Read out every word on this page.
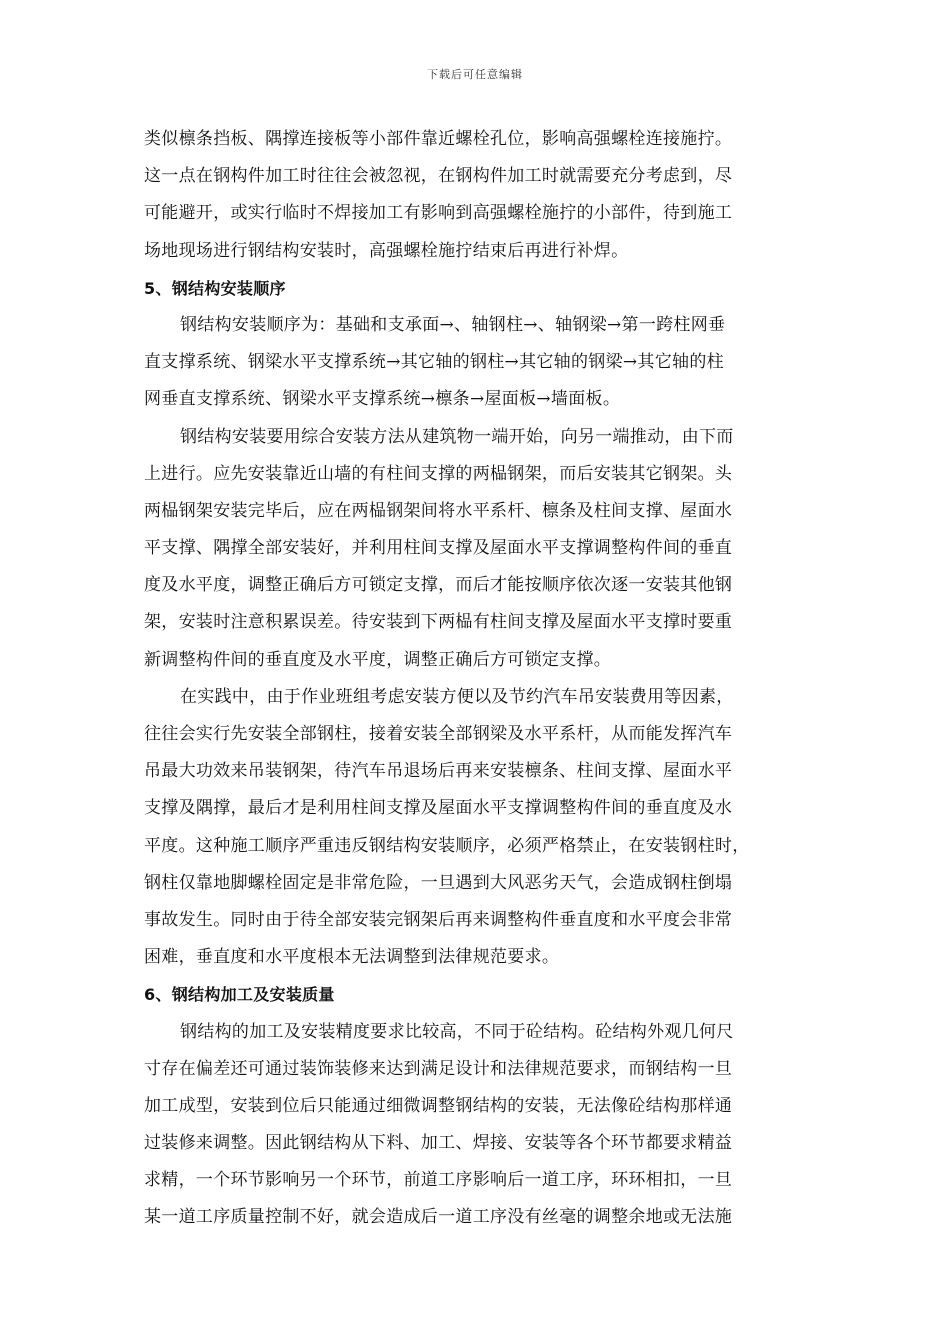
下载后可任意编辑
类似檩条挡板、隅撑连接板等小部件靠近螺栓孔位，影响高强螺栓连接施拧。
这一点在钢构件加工时往往会被忽视，在钢构件加工时就需要充分考虑到，尽
可能避开，或实行临时不焊接加工有影响到高强螺栓施拧的小部件，待到施工
场地现场进行钢结构安装时，高强螺栓施拧结束后再进行补焊。
5、钢结构安装顺序
钢结构安装顺序为：基础和支承面→、轴钢柱→、轴钢梁→第一跨柱网垂
直支撑系统、钢梁水平支撑系统→其它轴的钢柱→其它轴的钢梁→其它轴的柱
网垂直支撑系统、钢梁水平支撑系统→檩条→屋面板→墙面板。
钢结构安装要用综合安装方法从建筑物一端开始，向另一端推动，由下而
上进行。应先安装靠近山墙的有柱间支撑的两榀钢架，而后安装其它钢架。头
两榀钢架安装完毕后，应在两榀钢架间将水平系杆、檩条及柱间支撑、屋面水
平支撑、隅撑全部安装好，并利用柱间支撑及屋面水平支撑调整构件间的垂直
度及水平度，调整正确后方可锁定支撑，而后才能按顺序依次逐一安装其他钢
架，安装时注意积累误差。待安装到下两榀有柱间支撑及屋面水平支撑时要重
新调整构件间的垂直度及水平度，调整正确后方可锁定支撑。
在实践中，由于作业班组考虑安装方便以及节约汽车吊安装费用等因素，
往往会实行先安装全部钢柱，接着安装全部钢梁及水平系杆，从而能发挥汽车
吊最大功效来吊装钢架，待汽车吊退场后再来安装檩条、柱间支撑、屋面水平
支撑及隅撑，最后才是利用柱间支撑及屋面水平支撑调整构件间的垂直度及水
平度。这种施工顺序严重违反钢结构安装顺序，必须严格禁止，在安装钢柱时，
钢柱仅靠地脚螺栓固定是非常危险，一旦遇到大风恶劣天气，会造成钢柱倒塌
事故发生。同时由于待全部安装完钢架后再来调整构件垂直度和水平度会非常
困难，垂直度和水平度根本无法调整到法律规范要求。
6、钢结构加工及安装质量
钢结构的加工及安装精度要求比较高，不同于砼结构。砼结构外观几何尺
寸存在偏差还可通过装饰装修来达到满足设计和法律规范要求，而钢结构一旦
加工成型，安装到位后只能通过细微调整钢结构的安装，无法像砼结构那样通
过装修来调整。因此钢结构从下料、加工、焊接、安装等各个环节都要求精益
求精，一个环节影响另一个环节，前道工序影响后一道工序，环环相扣，一旦
某一道工序质量控制不好，就会造成后一道工序没有丝毫的调整余地或无法施
